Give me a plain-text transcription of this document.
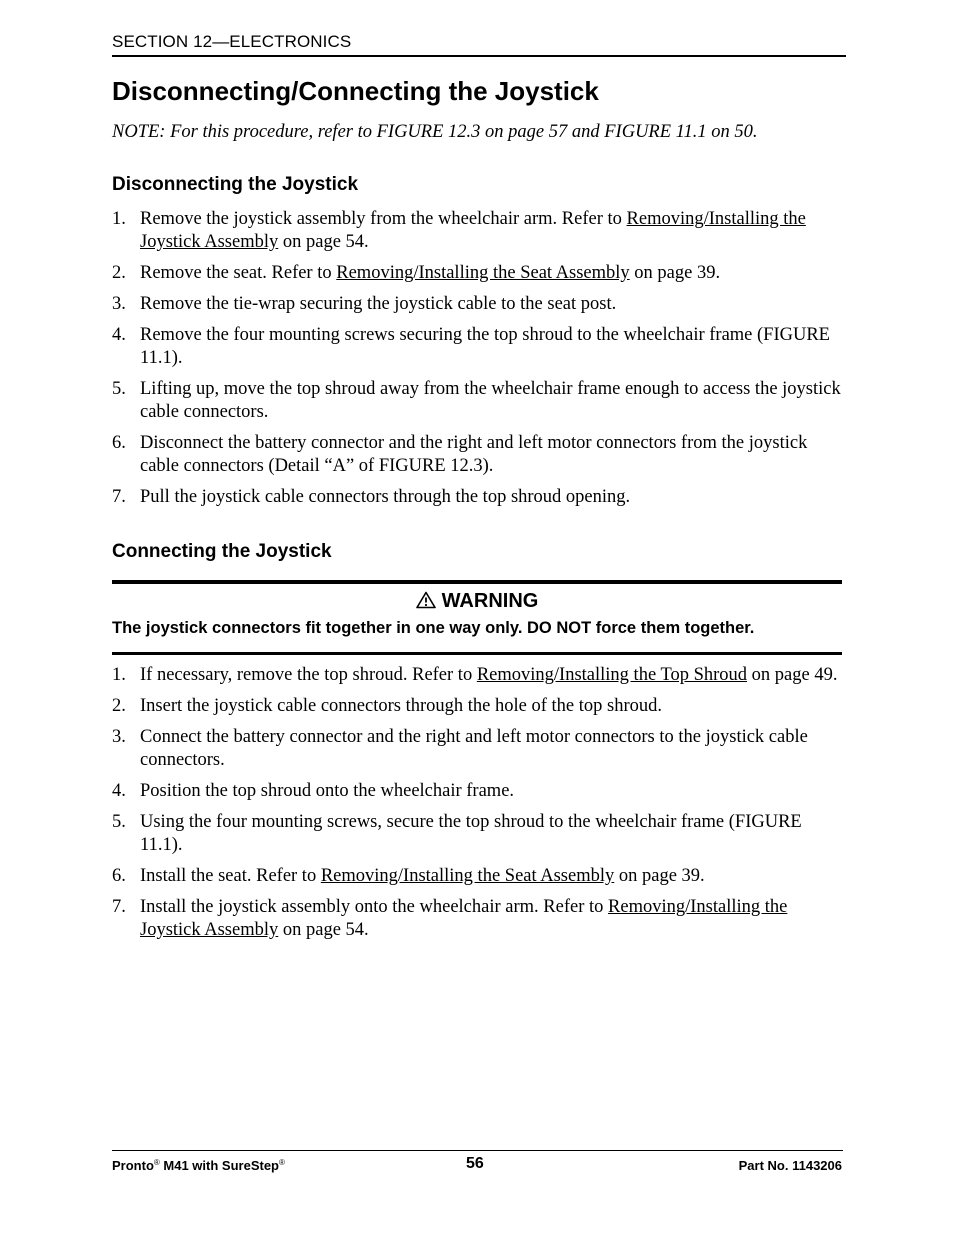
SECTION 12—ELECTRONICS
Disconnecting/Connecting the Joystick
NOTE: For this procedure, refer to FIGURE 12.3 on page 57 and FIGURE 11.1 on 50.
Disconnecting the Joystick
1. Remove the joystick assembly from the wheelchair arm. Refer to Removing/Installing the Joystick Assembly on page 54.
2. Remove the seat. Refer to Removing/Installing the Seat Assembly on page 39.
3. Remove the tie-wrap securing the joystick cable to the seat post.
4. Remove the four mounting screws securing the top shroud to the wheelchair frame (FIGURE 11.1).
5. Lifting up, move the top shroud away from the wheelchair frame enough to access the joystick cable connectors.
6. Disconnect the battery connector and the right and left motor connectors from the joystick cable connectors (Detail “A” of FIGURE 12.3).
7. Pull the joystick cable connectors through the top shroud opening.
Connecting the Joystick
WARNING
The joystick connectors fit together in one way only. DO NOT force them together.
1. If necessary, remove the top shroud. Refer to Removing/Installing the Top Shroud on page 49.
2. Insert the joystick cable connectors through the hole of the top shroud.
3. Connect the battery connector and the right and left motor connectors to the joystick cable connectors.
4. Position the top shroud onto the wheelchair frame.
5. Using the four mounting screws, secure the top shroud to the wheelchair frame (FIGURE 11.1).
6. Install the seat. Refer to Removing/Installing the Seat Assembly on page 39.
7. Install the joystick assembly onto the wheelchair arm. Refer to Removing/Installing the Joystick Assembly on page 54.
Pronto® M41 with SureStep®	56	Part No. 1143206
